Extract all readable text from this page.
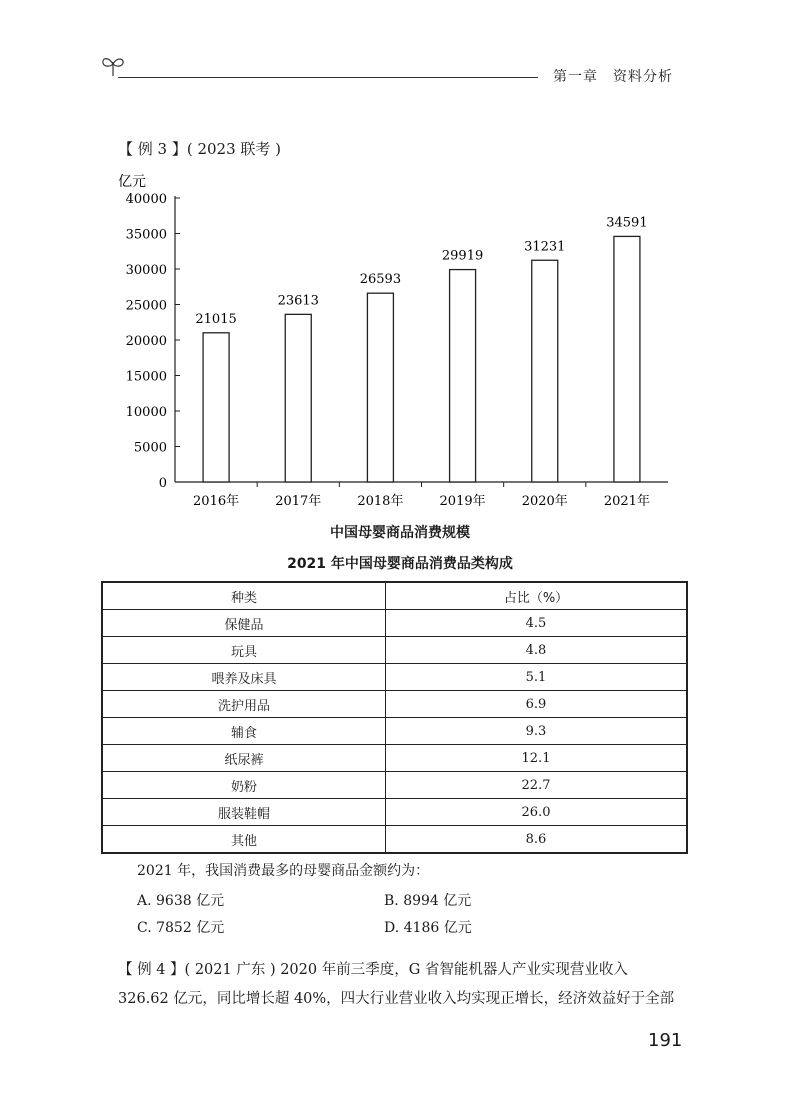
第一章　资料分析
【 例 3 】( 2023 联考 )
亿元
0
5000
10000
15000
20000
25000
30000
35000
40000
21015
2016年
23613
2017年
26593
2018年
29919
2019年
31231
2020年
34591
2021年
中国母婴商品消费规模
2021 年中国母婴商品消费品类构成
种类	占比（%）
保健品	4.5
玩具	4.8
喂养及床具	5.1
洗护用品	6.9
辅食	9.3
纸尿裤	12.1
奶粉	22.7
服装鞋帽	26.0
其他	8.6
2021 年，我国消费最多的母婴商品金额约为：
A. 9638 亿元	B. 8994 亿元
C. 7852 亿元	D. 4186 亿元
【 例 4 】( 2021 广东 ) 2020 年前三季度，G 省智能机器人产业实现营业收入
326.62 亿元，同比增长超 40%，四大行业营业收入均实现正增长，经济效益好于全部
191
